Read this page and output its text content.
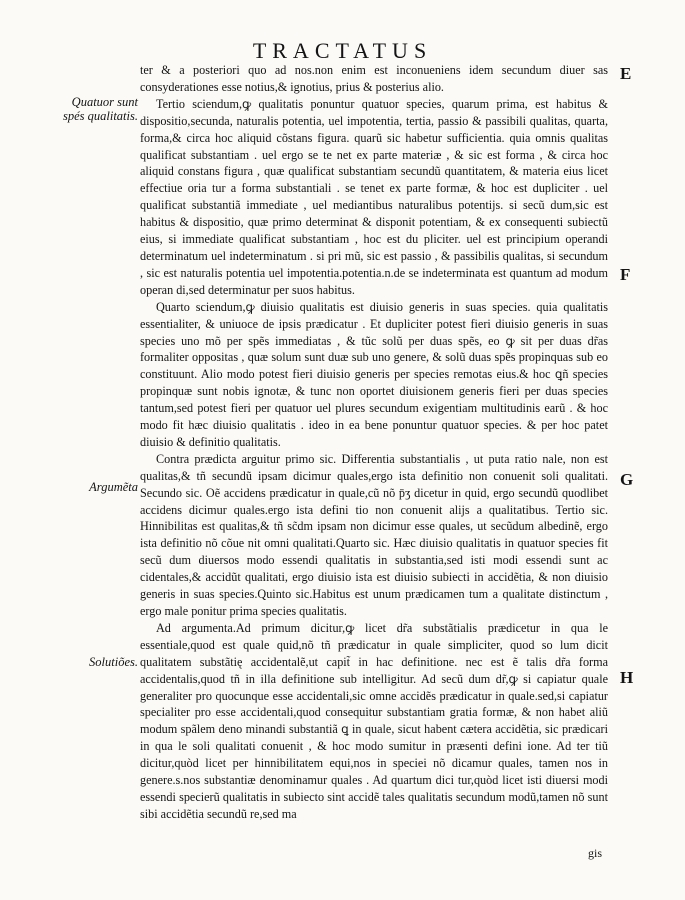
TRACTATUS
Quatuor sunt spés qualitatis.
Argumẽta
Solutiões.
E
F
G
H

ter & a posteriori quo ad nos.non enim est inconueniens idem secundum diuer sas consyderationes esse notius,& ignotius, prius & posterius alio.

Tertio sciendum,ꝙ qualitatis ponuntur quatuor species, quarum prima, est habitus & dispositio,secunda, naturalis potentia, uel impotentia, tertia, passio & passibili qualitas, quarta, forma,& circa hoc aliquid cõstans figura. quarũ sic habetur sufficientia. quia omnis qualitas qualificat substantiam . uel ergo se te net ex parte materiæ , & sic est forma , & circa hoc aliquid constans figura , quæ qualificat substantiam secundũ quantitatem, & materia eius licet effectiue oria tur a forma substantiali . se tenet ex parte formæ, & hoc est dupliciter . uel qualificat substantiã immediate , uel mediantibus naturalibus potentijs. si secũ dum,sic est habitus & dispositio, quæ primo determinat & disponit potentiam, & ex consequenti subiectũ eius, si immediate qualificat substantiam , hoc est du pliciter. uel est principium operandi determinatum uel indeterminatum . si pri mũ, sic est passio , & passibilis qualitas, si secundum , sic est naturalis potentia uel impotentia.potentia.n.de se indeterminata est quantum ad modum operan di,sed determinatur per suos habitus.

Quarto sciendum,ꝙ diuisio qualitatis est diuisio generis in suas species. quia qualitatis essentialiter, & uniuoce de ipsis prædicatur . Et dupliciter potest fieri diuisio generis in suas species uno mõ per spẽs immediatas , & tũc solũ per duas spẽs, eo ꝙ sit per duas dr̃as formaliter oppositas , quæ solum sunt duæ sub uno genere, & solũ duas spẽs propinquas sub eo constituunt. Alio modo potest fieri diuisio generis per species remotas eius.& hoc ꝗñ species propinquæ sunt nobis ignotæ, & tunc non oportet diuisionem generis fieri per duas species tantum,sed potest fieri per quatuor uel plures secundum exigentiam multitudinis earũ . & hoc modo fit hæc diuisio qualitatis . ideo in ea bene ponuntur quatuor species. & per hoc patet diuisio & definitio qualitatis.

Contra prædicta arguitur primo sic. Differentia substantialis , ut puta ratio nale, non est qualitas,& tñ secundũ ipsam dicimur quales,ergo ista definitio non conuenit soli qualitati. Secundo sic. Oẽ accidens prædicatur in quale,cũ nõ p̄ʒ dicetur in quid, ergo secundũ quodlibet accidens dicimur quales.ergo ista defini tio non conuenit alijs a qualitatibus. Tertio sic. Hinnibilitas est qualitas,& tñ sc̃dm ipsam non dicimur esse quales, ut secũdum albedinẽ, ergo ista definitio nõ cõue nit omni qualitati.Quarto sic. Hæc diuisio qualitatis in quatuor species fit secũ dum diuersos modo essendi qualitatis in substantia,sed isti modi essendi sunt ac cidentales,& accidũt qualitati, ergo diuisio ista est diuisio subiecti in accidẽtia, & non diuisio generis in suas species.Quinto sic.Habitus est unum prædicamen tum a qualitate distinctum , ergo male ponitur prima species qualitatis.

Ad argumenta.Ad primum dicitur,ꝙ licet dr̃a substãtialis prædicetur in qua le essentiale,quod est quale quid,nõ tñ prædicatur in quale simpliciter, quod so lum dicit qualitatem substãtię accidentalẽ,ut capit̃ in hac definitione. nec est ẽ talis dr̃a forma accidentalis,quod tñ in illa definitione sub intelligitur. Ad secũ dum dr̃,ꝙ si capiatur quale generaliter pro quocunque esse accidentali,sic omne accidẽs prædicatur in quale.sed,si capiatur specialiter pro esse accidentali,quod consequitur substantiam gratia formæ, & non habet aliũ modum spãlem deno minandi substantiã ꝗ in quale, sicut habent cætera accidẽtia, sic prædicari in qua le soli qualitati conuenit , & hoc modo sumitur in præsenti defini ione. Ad ter tiũ dicitur,quòd licet per hinnibilitatem equi,nos in speciei nõ dicamur quales, tamen nos in genere.s.nos substantiæ denominamur quales . Ad quartum dici tur,quòd licet isti diuersi modi essendi specierũ qualitatis in subiecto sint accidẽ tales qualitatis secundum modũ,tamen nõ sunt sibi accidẽtia secundũ re,sed ma

gis
